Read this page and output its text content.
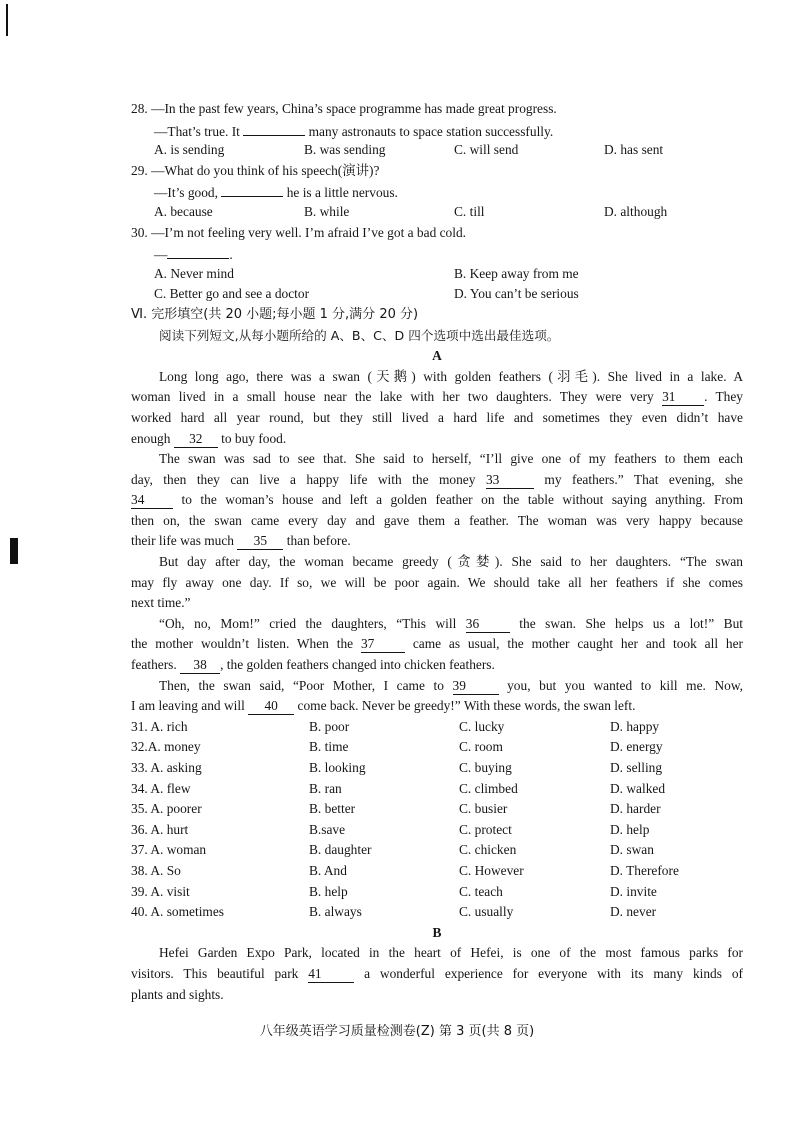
28. —In the past few years, China’s space programme has made great progress.
—That’s true. It	many astronauts to space station successfully.
A. is sending	B. was sending	C. will send	D. has sent
29. —What do you think of his speech(演讲)?
—It’s good,	he is a little nervous.
A. because	B. while	C. till	D. although
30. —I’m not feeling very well. I’m afraid I’ve got a bad cold.
—	.
A. Never mind	B. Keep away from me
C. Better go and see a doctor	D. You can’t be serious
Ⅵ. 完形填空(共 20 小题;每小题 1 分,满分 20 分)
阅读下列短文,从每小题所给的 A、B、C、D 四个选项中选出最佳选项。
A
Long long ago, there was a swan (天鹅) with golden feathers (羽毛). She lived in a lake. A
woman lived in a small house near the lake with her two daughters. They were very 31 . They
worked hard all year round, but they still lived a hard life and sometimes they even didn’t have
enough 32 to buy food.
The swan was sad to see that. She said to herself, “I’ll give one of my feathers to them each
day, then they can live a happy life with the money 33	my feathers.” That evening, she
34	to the woman’s house and left a golden feather on the table without saying anything. From
then on, the swan came every day and gave them a feather. The woman was very happy because
their life was much 35 than before.
But day after day, the woman became greedy (贪婪). She said to her daughters. “The swan
may fly away one day. If so, we will be poor again. We should take all her feathers if she comes
next time.”
“Oh, no, Mom!” cried the daughters, “This will 36	the swan. She helps us a lot!” But
the mother wouldn’t listen. When the 37	came as usual, the mother caught her and took all her
feathers. 38 , the golden feathers changed into chicken feathers.
Then, the swan said, “Poor Mother, I came to 39	you, but you wanted to kill me. Now,
I am leaving and will 40 come back. Never be greedy!” With these words, the swan left.
31. A. rich	B. poor	C. lucky	D. happy
32.A. money	B. time	C. room	D. energy
33. A. asking	B. looking	C. buying	D. selling
34. A. flew	B. ran	C. climbed	D. walked
35. A. poorer	B. better	C. busier	D. harder
36. A. hurt	B.save	C. protect	D. help
37. A. woman	B. daughter	C. chicken	D. swan
38. A. So	B. And	C. However	D. Therefore
39. A. visit	B. help	C. teach	D. invite
40. A. sometimes	B. always	C. usually	D. never
B
Hefei Garden Expo Park, located in the heart of Hefei, is one of the most famous parks for
visitors. This beautiful park 41	a wonderful experience for everyone with its many kinds of
plants and sights.
八年级英语学习质量检测卷(Z) 第 3 页(共 8 页)
